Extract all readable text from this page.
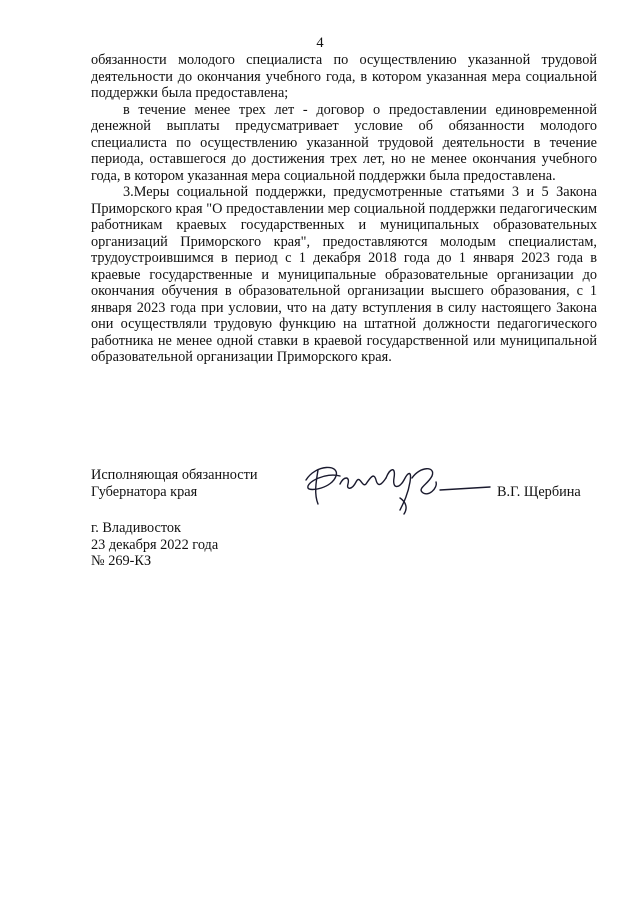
4

обязанности молодого специалиста по осуществлению указанной трудовой деятельности до окончания учебного года, в котором указанная мера социальной поддержки была предоставлена;

в течение менее трех лет - договор о предоставлении единовременной денежной выплаты предусматривает условие об обязанности молодого специалиста по осуществлению указанной трудовой деятельности в течение периода, оставшегося до достижения трех лет, но не менее окончания учебного года, в котором указанная мера социальной поддержки была предоставлена.

3.Меры социальной поддержки, предусмотренные статьями 3 и 5 Закона Приморского края "О предоставлении мер социальной поддержки педагогическим работникам краевых государственных и муниципальных образовательных организаций Приморского края", предоставляются молодым специалистам, трудоустроившимся в период с 1 декабря 2018 года до 1 января 2023 года в краевые государственные и муниципальные образовательные организации до окончания обучения в образовательной организации высшего образования, с 1 января 2023 года при условии, что на дату вступления в силу настоящего Закона они осуществляли трудовую функцию на штатной должности педагогического работника не менее одной ставки в краевой государственной или муниципальной образовательной организации Приморского края.

Исполняющая обязанности
Губернатора края	В.Г. Щербина
г. Владивосток
23 декабря 2022 года
№ 269-КЗ
